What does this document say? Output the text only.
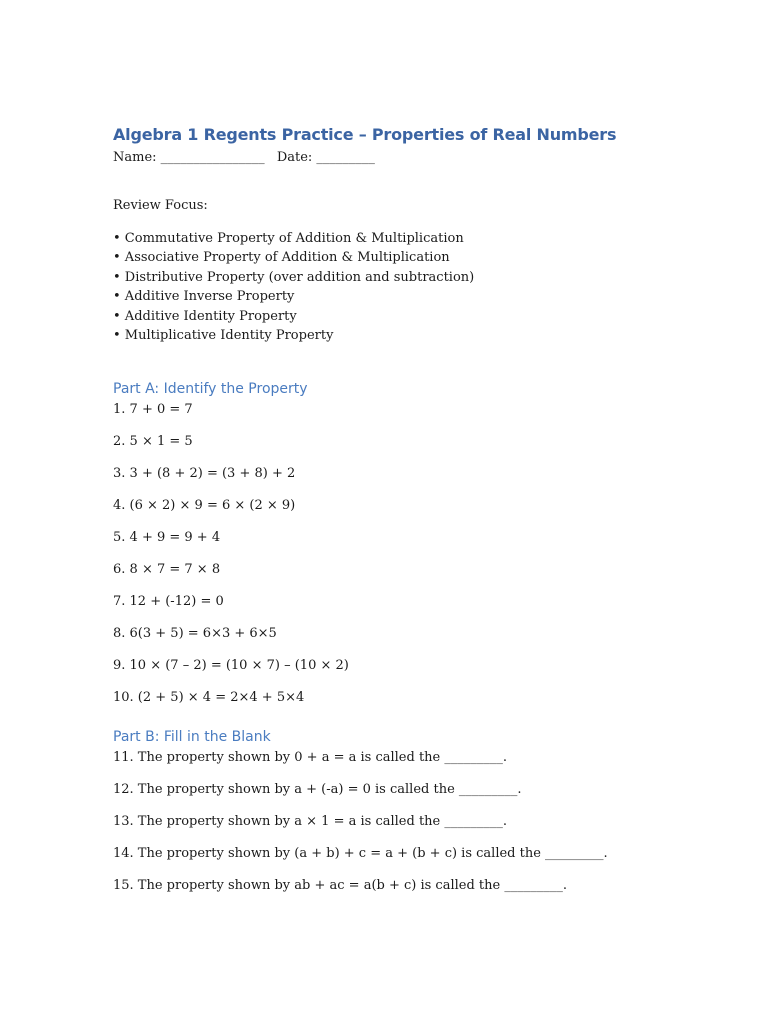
Algebra 1 Regents Practice – Properties of Real Numbers
Name: ________________ Date: _________
Review Focus:
• Commutative Property of Addition & Multiplication
• Associative Property of Addition & Multiplication
• Distributive Property (over addition and subtraction)
• Additive Inverse Property
• Additive Identity Property
• Multiplicative Identity Property
Part A: Identify the Property
1. 7 + 0 = 7
2. 5 × 1 = 5
3. 3 + (8 + 2) = (3 + 8) + 2
4. (6 × 2) × 9 = 6 × (2 × 9)
5. 4 + 9 = 9 + 4
6. 8 × 7 = 7 × 8
7. 12 + (-12) = 0
8. 6(3 + 5) = 6×3 + 6×5
9. 10 × (7 – 2) = (10 × 7) – (10 × 2)
10. (2 + 5) × 4 = 2×4 + 5×4
Part B: Fill in the Blank
11. The property shown by 0 + a = a is called the _________.
12. The property shown by a + (-a) = 0 is called the _________.
13. The property shown by a × 1 = a is called the _________.
14. The property shown by (a + b) + c = a + (b + c) is called the _________.
15. The property shown by ab + ac = a(b + c) is called the _________.
